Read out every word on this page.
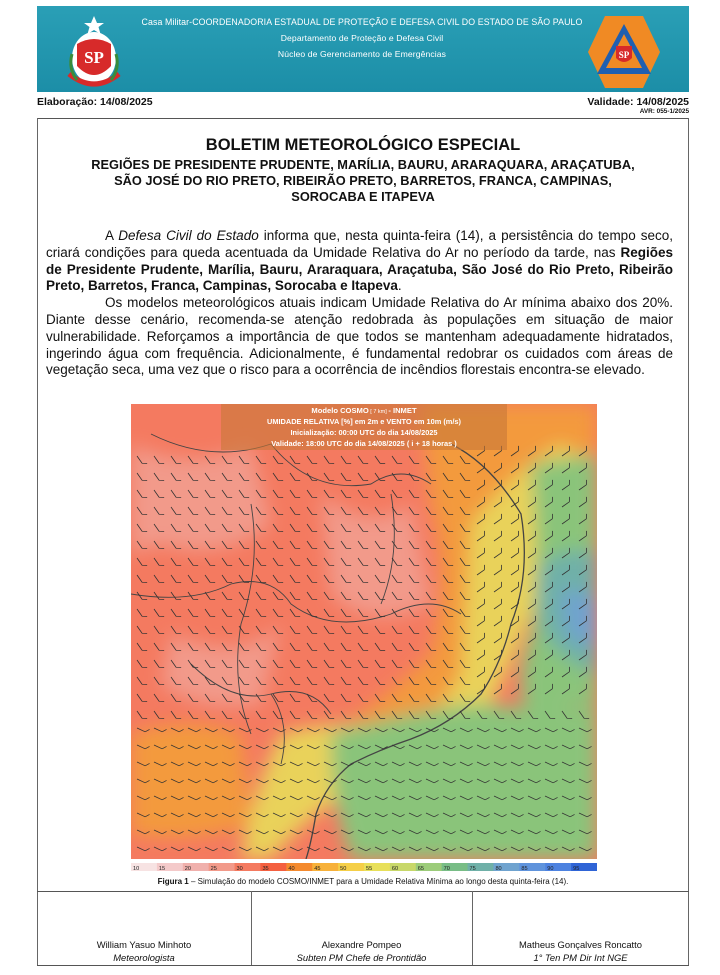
SP
Casa Militar-COORDENADORIA ESTADUAL DE PROTEÇÃO E DEFESA CIVIL DO ESTADO DE SÃO PAULO
Departamento de Proteção e Defesa Civil
Núcleo de Gerenciamento de Emergências	SP
Elaboração: 14/08/2025	Validade: 14/08/2025
AVR: 055-1/2025
BOLETIM METEOROLÓGICO ESPECIAL
REGIÕES DE PRESIDENTE PRUDENTE, MARÍLIA, BAURU, ARARAQUARA, ARAÇATUBA,
SÃO JOSÉ DO RIO PRETO, RIBEIRÃO PRETO, BARRETOS, FRANCA, CAMPINAS,
SOROCABA E ITAPEVA

A Defesa Civil do Estado informa que, nesta quinta-feira (14), a persistência do tempo seco, criará condições para queda acentuada da Umidade Relativa do Ar no período da tarde, nas Regiões de Presidente Prudente, Marília, Bauru, Araraquara, Araçatuba, São José do Rio Preto, Ribeirão Preto, Barretos, Franca, Campinas, Sorocaba e Itapeva.

Os modelos meteorológicos atuais indicam Umidade Relativa do Ar mínima abaixo dos 20%. Diante desse cenário, recomenda-se atenção redobrada às populações em situação de maior vulnerabilidade. Reforçamos a importância de que todos se mantenham adequadamente hidratados, ingerindo água com frequência. Adicionalmente, é fundamental redobrar os cuidados com áreas de vegetação seca, uma vez que o risco para a ocorrência de incêndios florestais encontra-se elevado.

Modelo COSMO [ 7 km] - INMET
UMIDADE RELATIVA [%] em 2m e VENTO em 10m (m/s)
Inicialização: 00:00 UTC do dia 14/08/2025
Validade: 18:00 UTC do dia 14/08/2025 ( i + 18 horas )
10	15	20	25	30	35	40	45	50	55	60	65	70	75	80	85	90	95
Figura 1 – Simulação do modelo COSMO/INMET para a Umidade Relativa Mínima ao longo desta quinta-feira (14).
William Yasuo Minhoto
Meteorologista
Alexandre Pompeo
Subten PM Chefe de Prontidão
Matheus Gonçalves Roncatto
1° Ten PM Dir Int NGE
